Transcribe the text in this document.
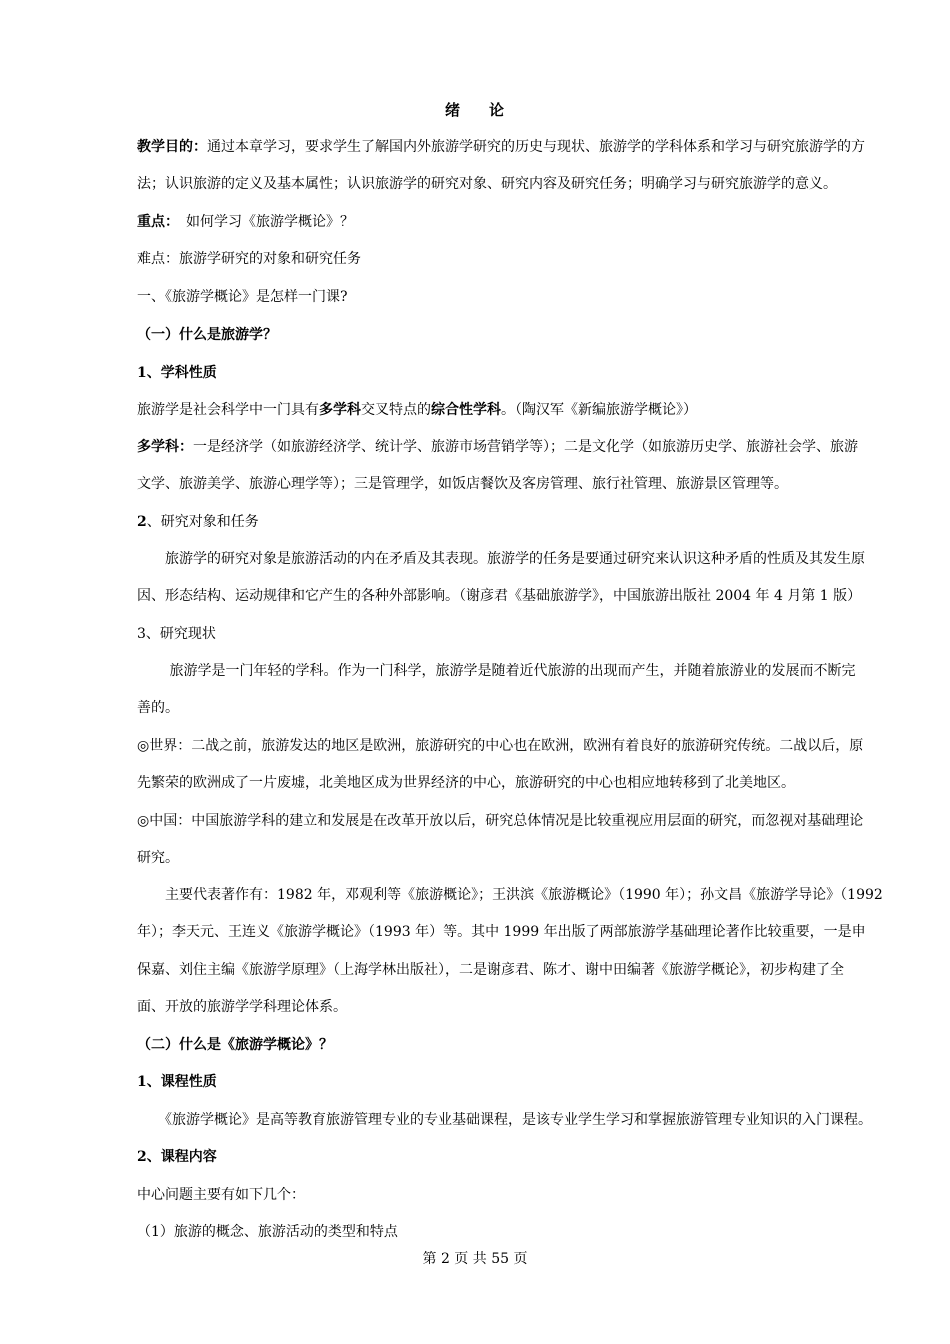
绪 论
教学目的：通过本章学习，要求学生了解国内外旅游学研究的历史与现状、旅游学的学科体系和学习与研究旅游学的方
法；认识旅游的定义及基本属性；认识旅游学的研究对象、研究内容及研究任务；明确学习与研究旅游学的意义。
重点：　如何学习《旅游学概论》？
难点：旅游学研究的对象和研究任务
一、《旅游学概论》是怎样一门课?
（一）什么是旅游学？
1、学科性质
旅游学是社会科学中一门具有多学科交叉特点的综合性学科。（陶汉军《新编旅游学概论》）
多学科：一是经济学（如旅游经济学、统计学、旅游市场营销学等）；二是文化学（如旅游历史学、旅游社会学、旅游
文学、旅游美学、旅游心理学等）；三是管理学，如饭店餐饮及客房管理、旅行社管理、旅游景区管理等。
2、研究对象和任务
　　旅游学的研究对象是旅游活动的内在矛盾及其表现。旅游学的任务是要通过研究来认识这种矛盾的性质及其发生原
因、形态结构、运动规律和它产生的各种外部影响。（谢彦君《基础旅游学》，中国旅游出版社 2004 年 4 月第 1 版）
3、研究现状
　　 旅游学是一门年轻的学科。作为一门科学，旅游学是随着近代旅游的出现而产生，并随着旅游业的发展而不断完
善的。
◎世界：二战之前，旅游发达的地区是欧洲，旅游研究的中心也在欧洲，欧洲有着良好的旅游研究传统。二战以后，原
先繁荣的欧洲成了一片废墟，北美地区成为世界经济的中心，旅游研究的中心也相应地转移到了北美地区。
◎中国：中国旅游学科的建立和发展是在改革开放以后，研究总体情况是比较重视应用层面的研究，而忽视对基础理论
研究。
　　主要代表著作有：1982 年，邓观利等《旅游概论》；王洪滨《旅游概论》（1990 年）；孙文昌《旅游学导论》（1992
年）；李天元、王连义《旅游学概论》（1993 年）等。其中 1999 年出版了两部旅游学基础理论著作比较重要，一是申
保嘉、刘住主编《旅游学原理》（上海学林出版社），二是谢彦君、陈才、谢中田编著《旅游学概论》，初步构建了全
面、开放的旅游学学科理论体系。
（二）什么是《旅游学概论》？
1、课程性质
　　《旅游学概论》是高等教育旅游管理专业的专业基础课程，是该专业学生学习和掌握旅游管理专业知识的入门课程。
2、课程内容
中心问题主要有如下几个：
（1）旅游的概念、旅游活动的类型和特点
第 2 页 共 55 页
